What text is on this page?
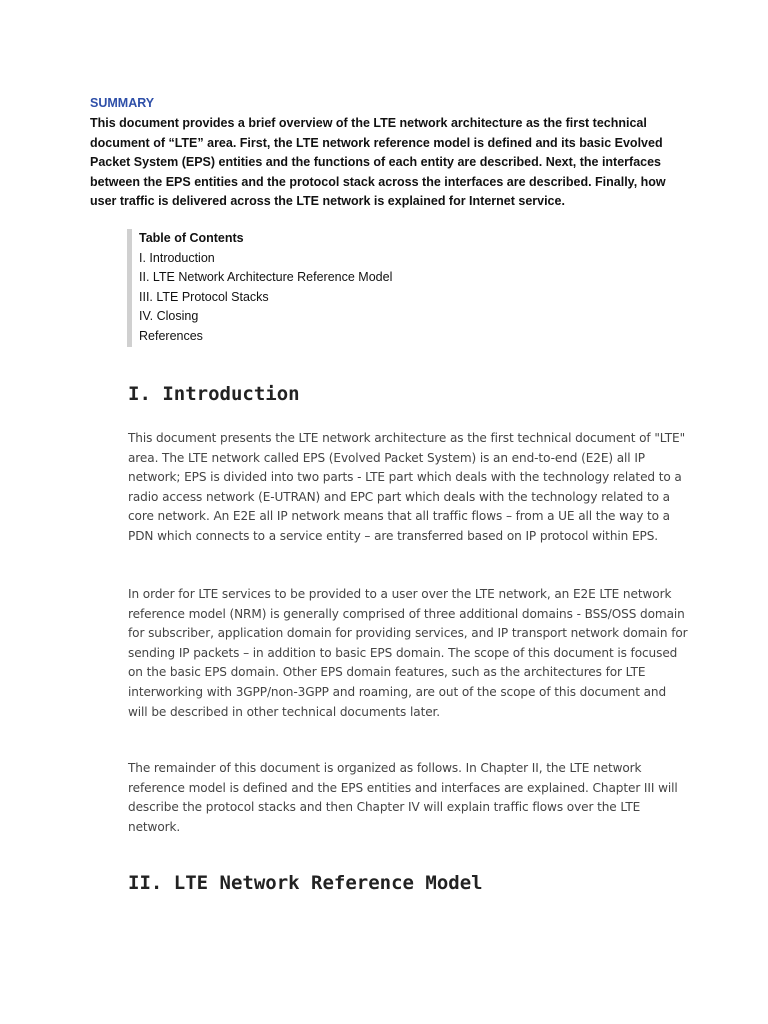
SUMMARY

This document provides a brief overview of the LTE network architecture as the first technical document of “LTE” area. First, the LTE network reference model is defined and its basic Evolved Packet System (EPS) entities and the functions of each entity are described. Next, the interfaces between the EPS entities and the protocol stack across the interfaces are described. Finally, how user traffic is delivered across the LTE network is explained for Internet service.

Table of Contents
I. Introduction
II. LTE Network Architecture Reference Model
III. LTE Protocol Stacks
IV. Closing
References
I. Introduction

This document presents the LTE network architecture as the first technical document of "LTE" area. The LTE network called EPS (Evolved Packet System) is an end-to-end (E2E) all IP network; EPS is divided into two parts - LTE part which deals with the technology related to a radio access network (E-UTRAN) and EPC part which deals with the technology related to a core network. An E2E all IP network means that all traffic flows – from a UE all the way to a PDN which connects to a service entity – are transferred based on IP protocol within EPS.

In order for LTE services to be provided to a user over the LTE network, an E2E LTE network reference model (NRM) is generally comprised of three additional domains - BSS/OSS domain for subscriber, application domain for providing services, and IP transport network domain for sending IP packets – in addition to basic EPS domain. The scope of this document is focused on the basic EPS domain. Other EPS domain features, such as the architectures for LTE interworking with 3GPP/non-3GPP and roaming, are out of the scope of this document and will be described in other technical documents later.

The remainder of this document is organized as follows. In Chapter II, the LTE network reference model is defined and the EPS entities and interfaces are explained. Chapter III will describe the protocol stacks and then Chapter IV will explain traffic flows over the LTE network.

II. LTE Network Reference Model
